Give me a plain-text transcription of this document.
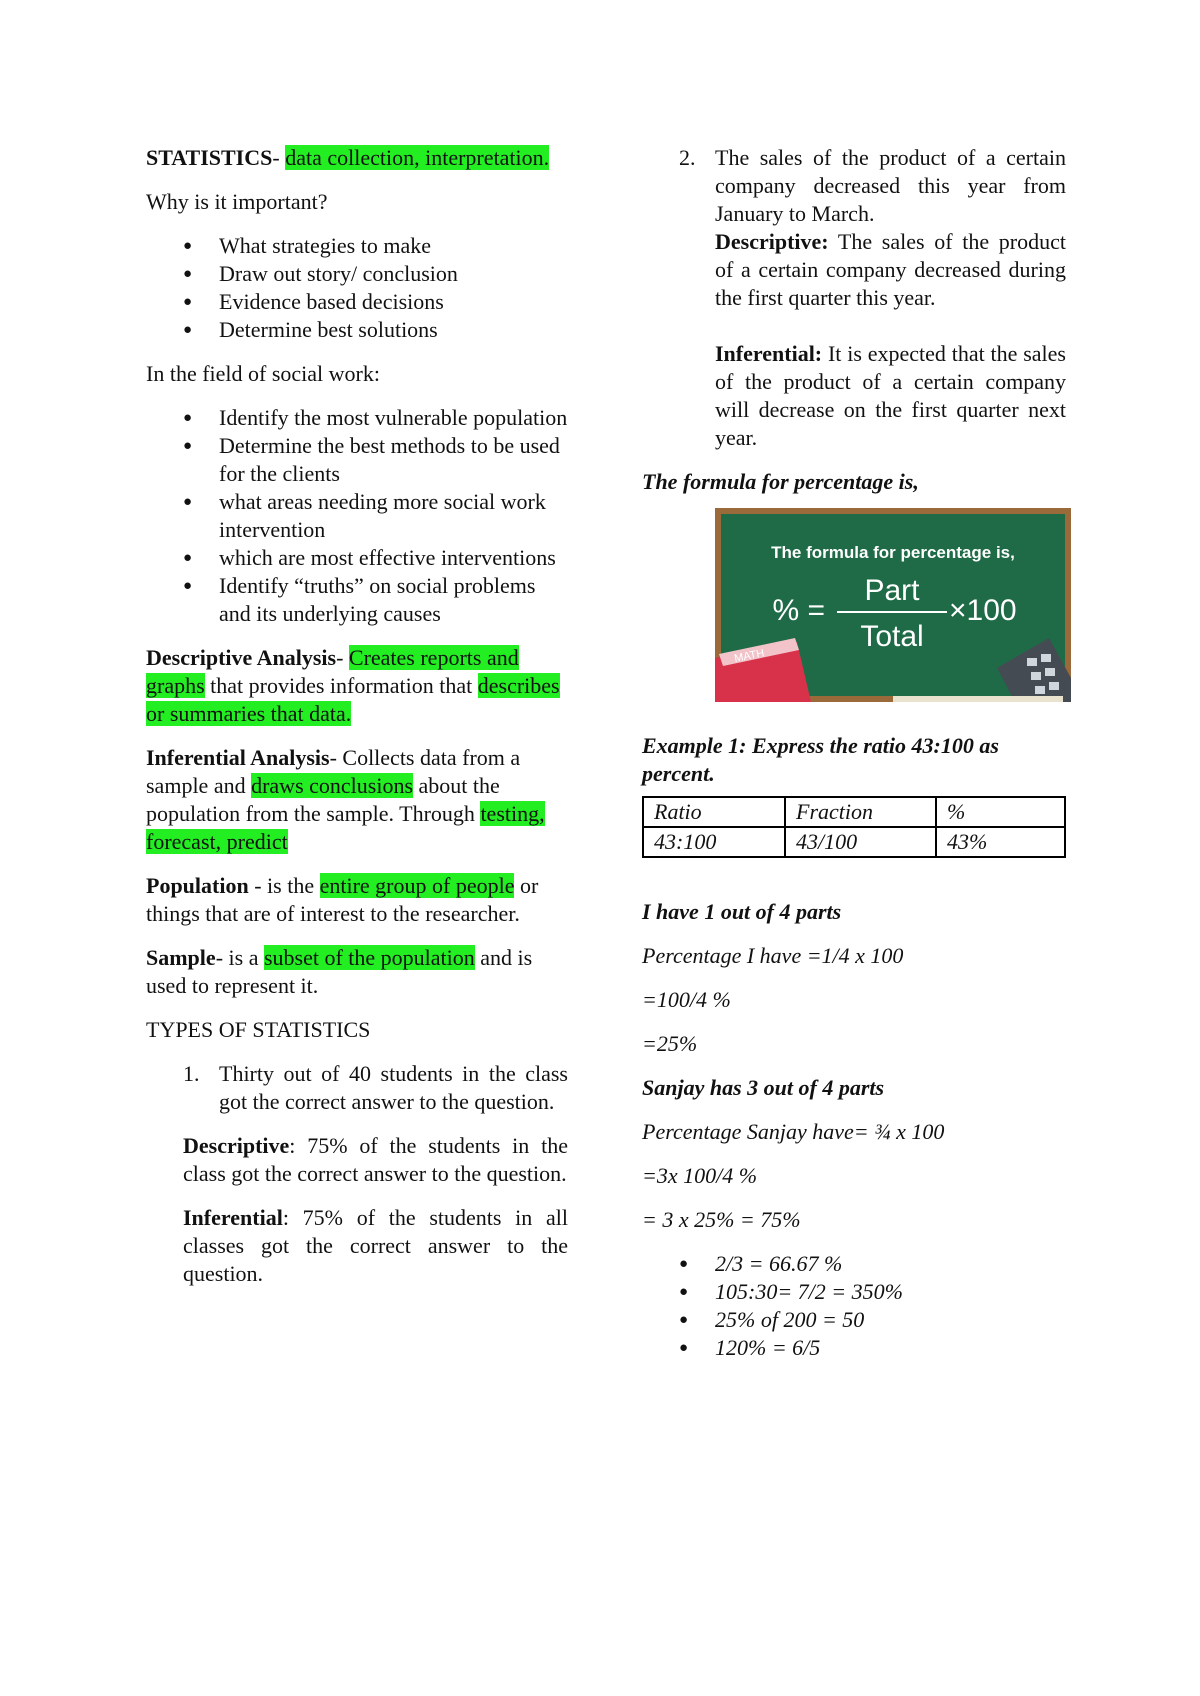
STATISTICS- data collection, interpretation.

Why is it important?

● What strategies to make
● Draw out story/ conclusion
● Evidence based decisions
● Determine best solutions

In the field of social work:

● Identify the most vulnerable population
● Determine the best methods to be used for the clients
● what areas needing more social work intervention
● which are most effective interventions
● Identify “truths” on social problems and its underlying causes

Descriptive Analysis- Creates reports and graphs that provides information that describes or summaries that data.

Inferential Analysis- Collects data from a sample and draws conclusions about the population from the sample. Through testing, forecast, predict

Population - is the entire group of people or things that are of interest to the researcher.

Sample- is a subset of the population and is used to represent it.

TYPES OF STATISTICS

1. Thirty out of 40 students in the class got the correct answer to the question.

Descriptive: 75% of the students in the class got the correct answer to the question.

Inferential: 75% of the students in all classes got the correct answer to the question.

2. The sales of the product of a certain company decreased this year from January to March.

Descriptive: The sales of the product of a certain company decreased during the first quarter this year.

Inferential: It is expected that the sales of the product of a certain company will decrease on the first quarter next year.

The formula for percentage is,

The formula for percentage is,
% =
Part
Total
×100
MATH

Example 1: Express the ratio 43:100 as percent.

Ratio	Fraction	%
43:100	43/100	43%

I have 1 out of 4 parts

Percentage I have =1/4 x 100

=100/4 %

=25%

Sanjay has 3 out of 4 parts

Percentage Sanjay have= ¾ x 100

=3x 100/4 %

= 3 x 25% = 75%

● 2/3 = 66.67 %
● 105:30= 7/2 = 350%
● 25% of 200 = 50
● 120% = 6/5
